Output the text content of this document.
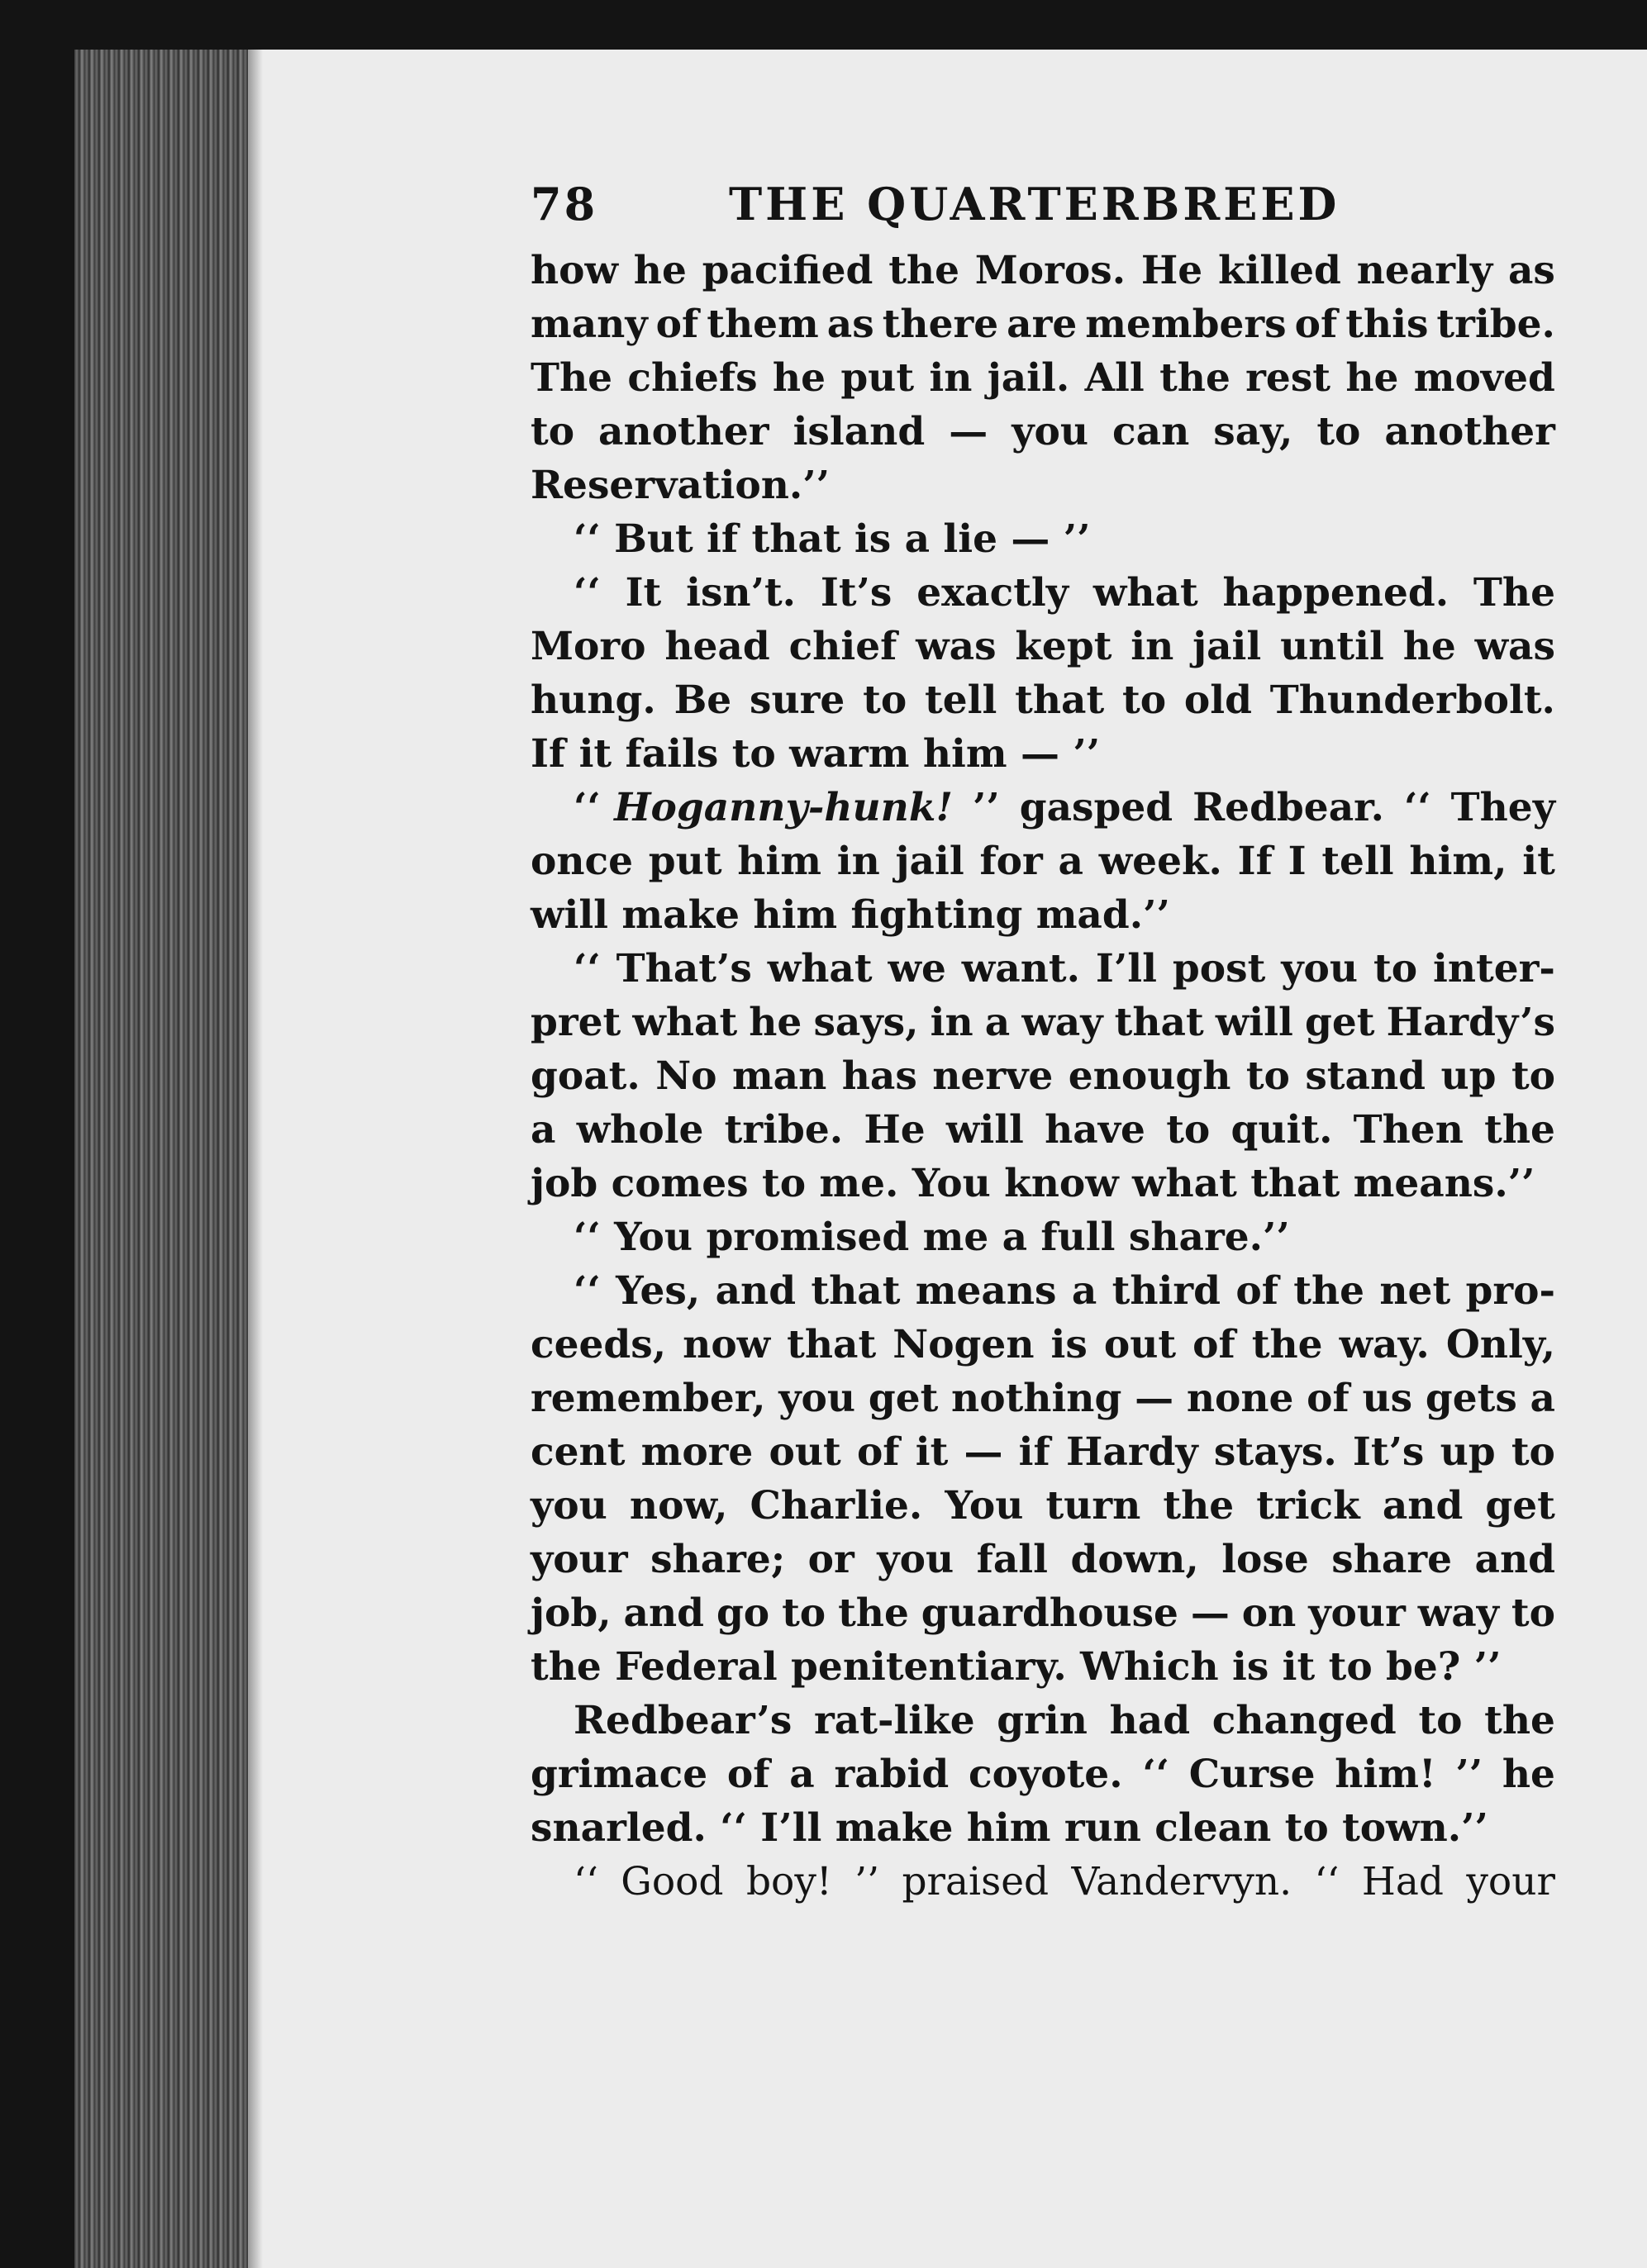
78	THE QUARTERBREED
how he pacified the Moros. He killed nearly as
many of them as there are members of this tribe.
The chiefs he put in jail. All the rest he moved
to another island — you can say, to another
Reservation.’’
‘‘ But if that is a lie — ’’
‘‘ It isn’t. It’s exactly what happened. The
Moro head chief was kept in jail until he was
hung. Be sure to tell that to old Thunderbolt.
If it fails to warm him — ’’
‘‘ Hoganny-hunk! ’’ gasped Redbear. ‘‘ They
once put him in jail for a week. If I tell him, it
will make him fighting mad.’’
‘‘ That’s what we want. I’ll post you to inter-
pret what he says, in a way that will get Hardy’s
goat. No man has nerve enough to stand up to
a whole tribe. He will have to quit. Then the
job comes to me. You know what that means.’’
‘‘ You promised me a full share.’’
‘‘ Yes, and that means a third of the net pro-
ceeds, now that Nogen is out of the way. Only,
remember, you get nothing — none of us gets a
cent more out of it — if Hardy stays. It’s up to
you now, Charlie. You turn the trick and get
your share; or you fall down, lose share and
job, and go to the guardhouse — on your way to
the Federal penitentiary. Which is it to be? ’’
Redbear’s rat-like grin had changed to the
grimace of a rabid coyote. ‘‘ Curse him! ’’ he
snarled. ‘‘ I’ll make him run clean to town.’’
‘‘ Good boy! ’’ praised Vandervyn. ‘‘ Had your
